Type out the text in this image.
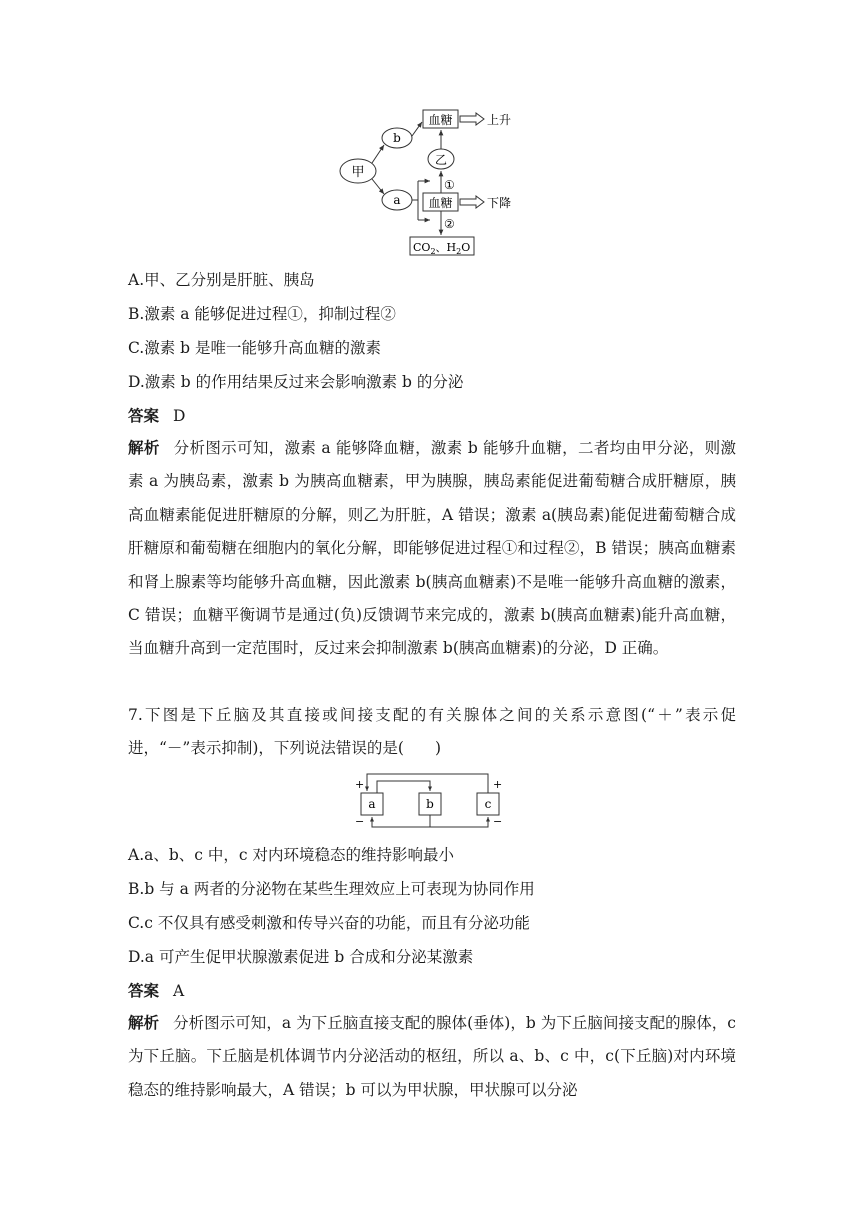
甲
b
a
血糖	上升
乙
①
血糖	下降
②
$CO_2$、$H_2O$
A.甲、乙分别是肝脏、胰岛
B.激素 a 能够促进过程①，抑制过程②
C.激素 b 是唯一能够升高血糖的激素
D.激素 b 的作用结果反过来会影响激素 b 的分泌
答案 D
解析 分析图示可知，激素 a 能够降血糖，激素 b 能够升血糖，二者均由甲分泌，则激素 a 为胰岛素，激素 b 为胰高血糖素，甲为胰腺，胰岛素能促进葡萄糖合成肝糖原，胰高血糖素能促进肝糖原的分解，则乙为肝脏，A 错误；激素 a(胰岛素)能促进葡萄糖合成肝糖原和葡萄糖在细胞内的氧化分解，即能够促进过程①和过程②，B 错误；胰高血糖素和肾上腺素等均能够升高血糖，因此激素 b(胰高血糖素)不是唯一能够升高血糖的激素，C 错误；血糖平衡调节是通过(负)反馈调节来完成的，激素 b(胰高血糖素)能升高血糖，当血糖升高到一定范围时，反过来会抑制激素 b(胰高血糖素)的分泌，D 正确。
7.下图是下丘脑及其直接或间接支配的有关腺体之间的关系示意图(“＋”表示促进，“－”表示抑制)，下列说法错误的是(　　)
a	b	c
+
−
+
−
A.a、b、c 中，c 对内环境稳态的维持影响最小
B.b 与 a 两者的分泌物在某些生理效应上可表现为协同作用
C.c 不仅具有感受刺激和传导兴奋的功能，而且有分泌功能
D.a 可产生促甲状腺激素促进 b 合成和分泌某激素
答案 A
解析 分析图示可知，a 为下丘脑直接支配的腺体(垂体)，b 为下丘脑间接支配的腺体，c 为下丘脑。下丘脑是机体调节内分泌活动的枢纽，所以 a、b、c 中，c(下丘脑)对内环境稳态的维持影响最大，A 错误；b 可以为甲状腺，甲状腺可以分泌
